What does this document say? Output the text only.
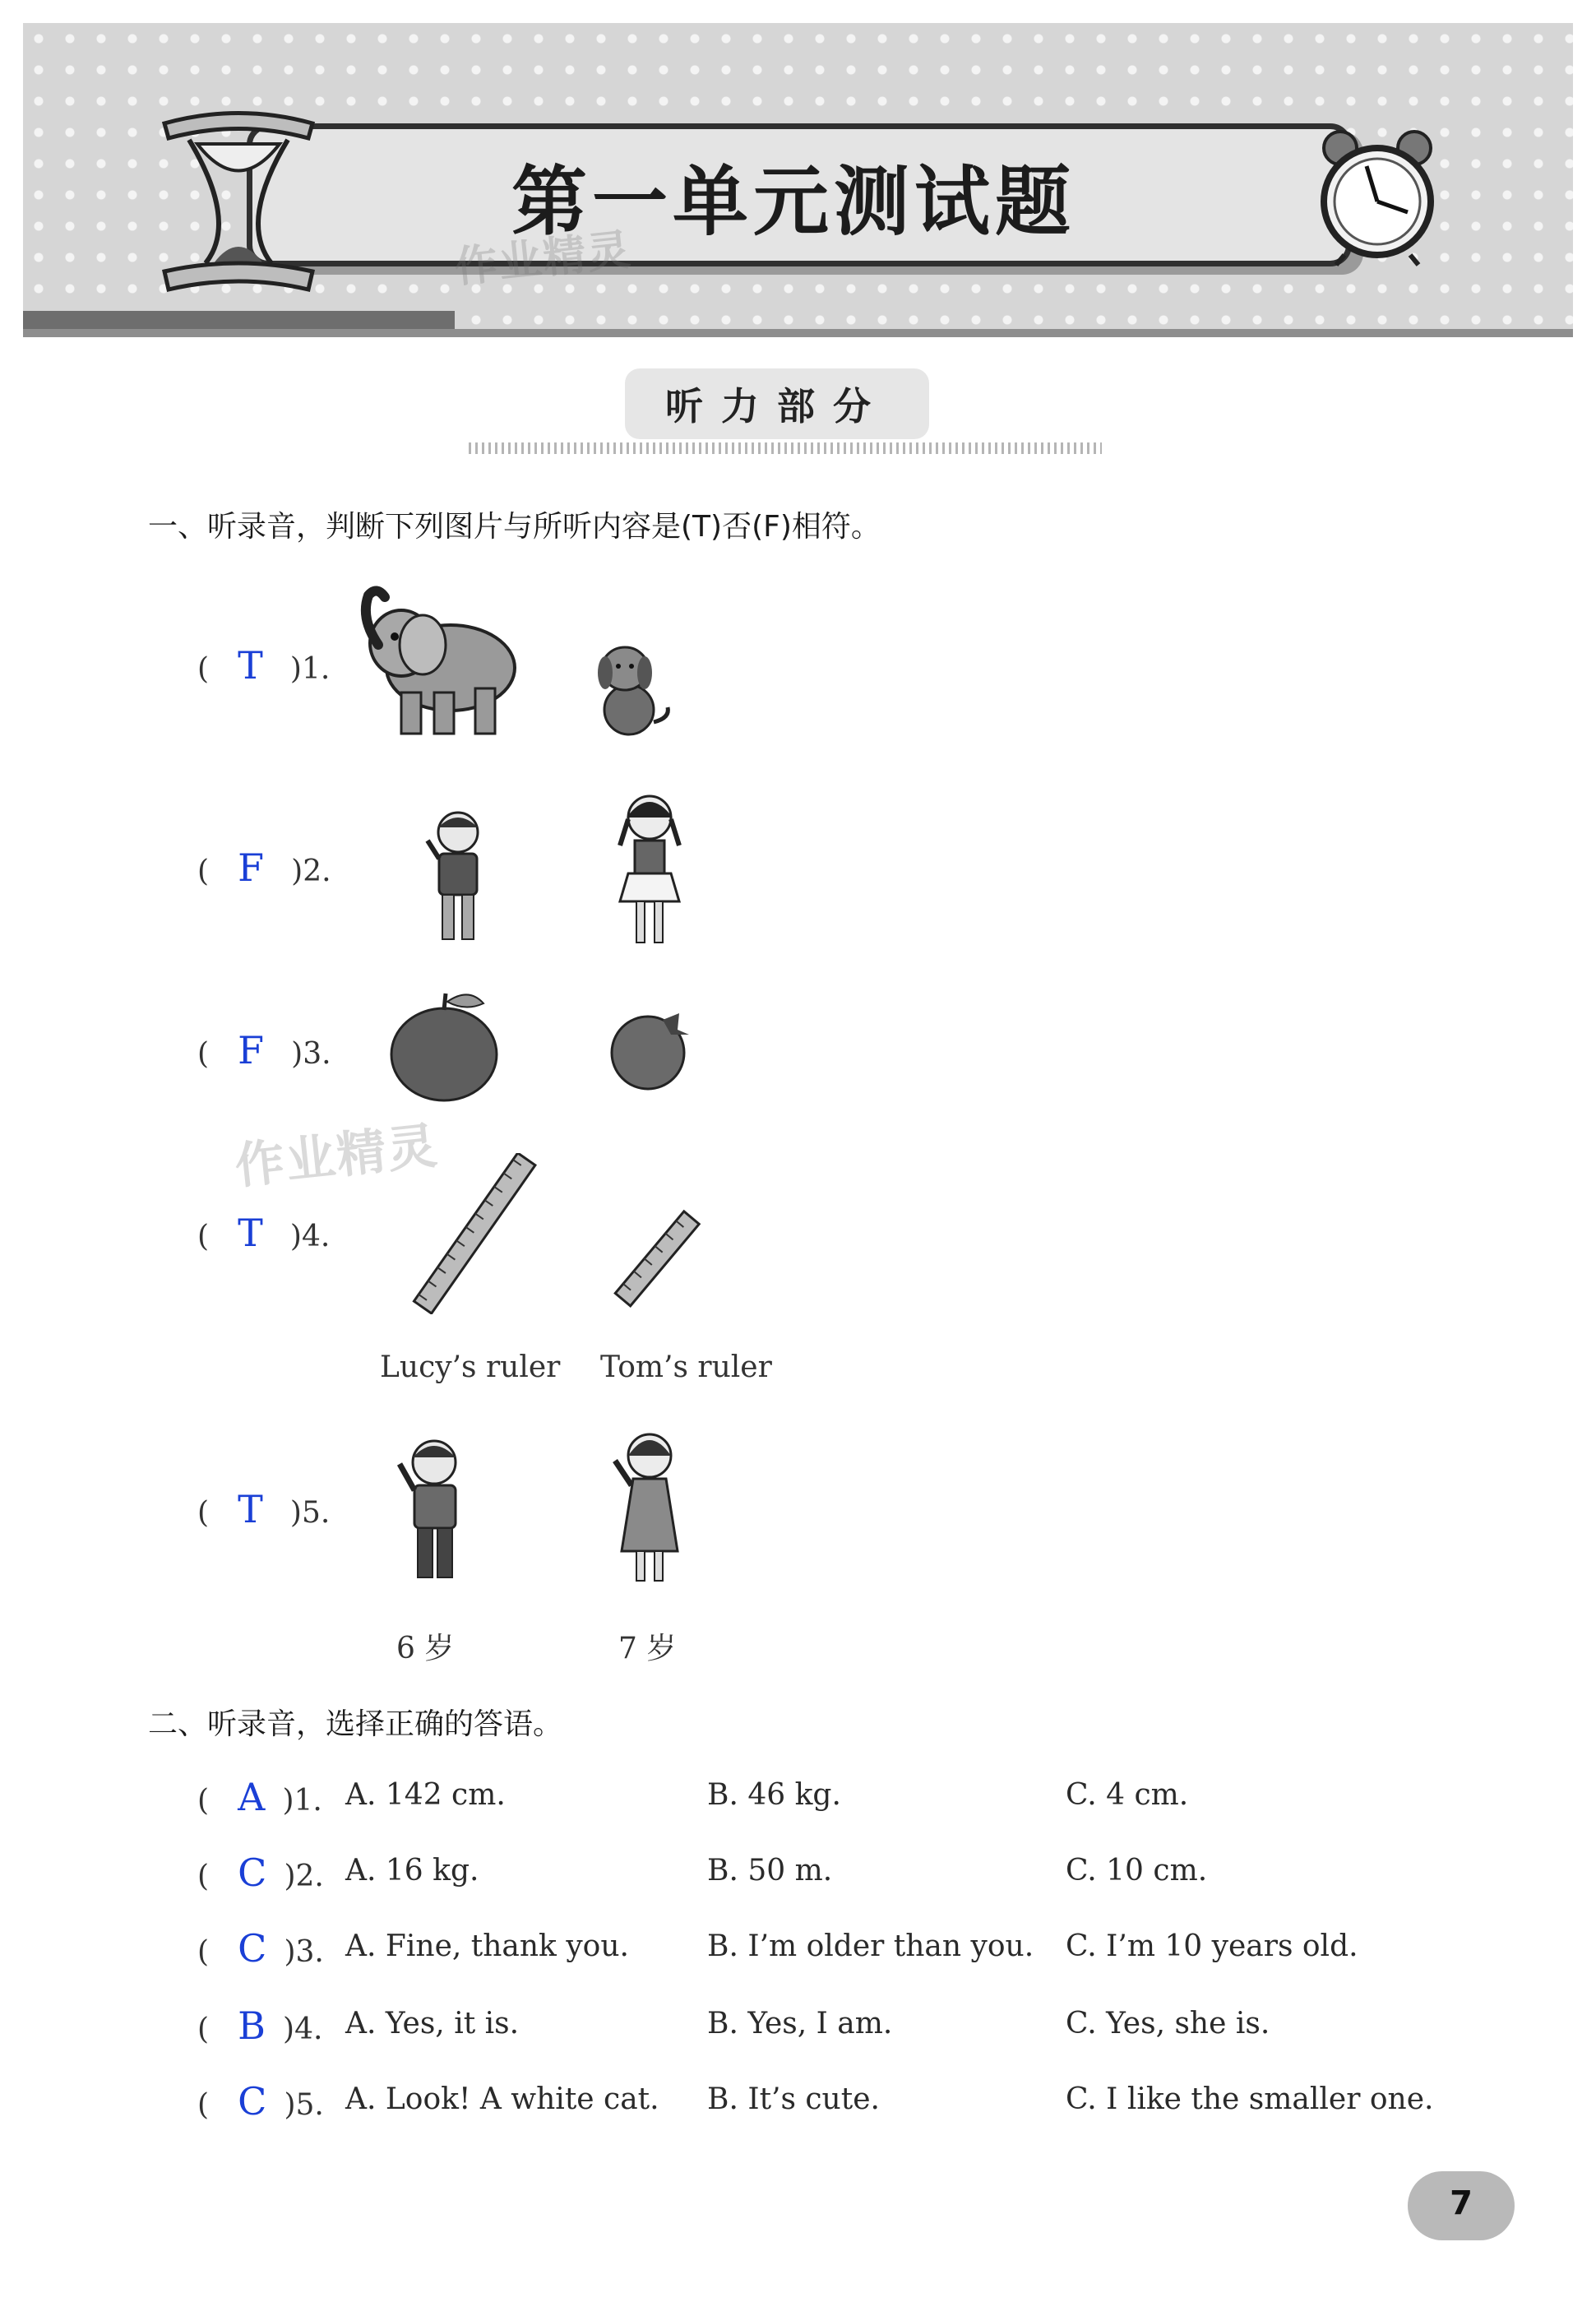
第一单元测试题
作业精灵
听力部分
一、听录音，判断下列图片与所听内容是(T)否(F)相符。
( T )1.
( F )2.
( F )3.
作业精灵
( T )4.
Lucy’s ruler Tom’s ruler
( T )5.
6 岁	7 岁
二、听录音，选择正确的答语。
( A )1. A. 142 cm.	B. 46 kg.	C. 4 cm.
( C )2. A. 16 kg.	B. 50 m.	C. 10 cm.
( C )3. A. Fine, thank you.	B. I’m older than you. C. I’m 10 years old.
( B )4. A. Yes, it is.	B. Yes, I am.	C. Yes, she is.
( C )5. A. Look! A white cat. B. It’s cute.	C. I like the smaller one.
7
